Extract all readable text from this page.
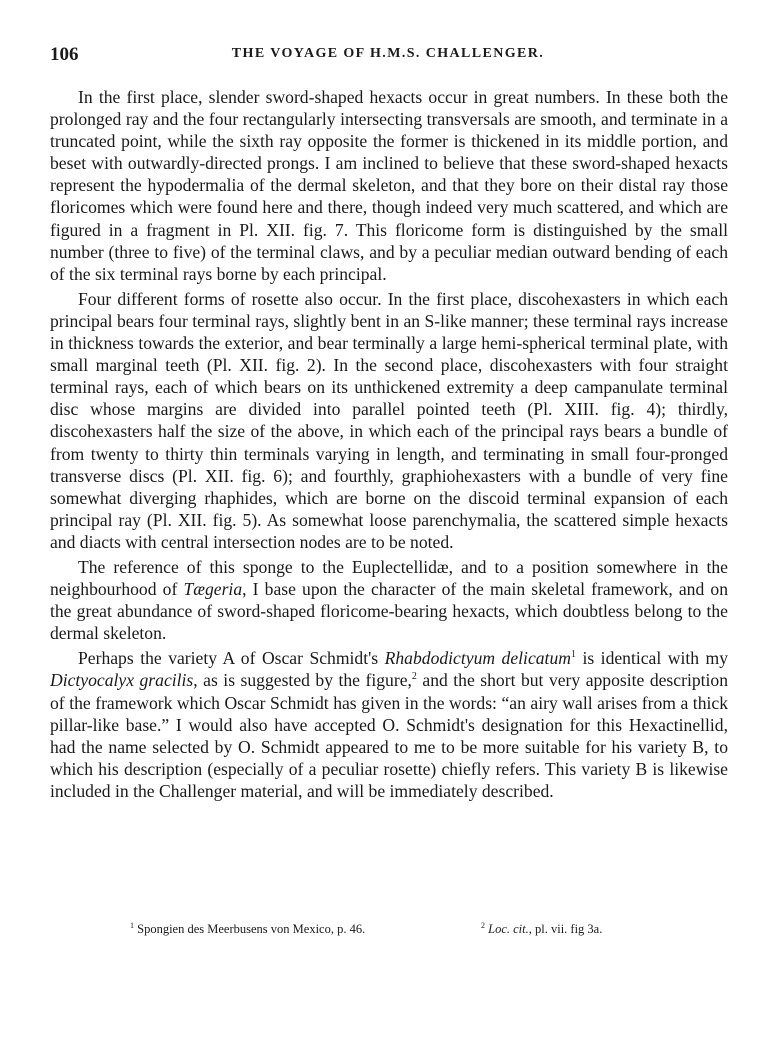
106	THE VOYAGE OF H.M.S. CHALLENGER.

In the first place, slender sword-shaped hexacts occur in great numbers. In these both the prolonged ray and the four rectangularly intersecting transversals are smooth, and terminate in a truncated point, while the sixth ray opposite the former is thickened in its middle portion, and beset with outwardly-directed prongs. I am inclined to believe that these sword-shaped hexacts represent the hypodermalia of the dermal skeleton, and that they bore on their distal ray those floricomes which were found here and there, though indeed very much scattered, and which are figured in a fragment in Pl. XII. fig. 7. This floricome form is distinguished by the small number (three to five) of the terminal claws, and by a peculiar median outward bending of each of the six terminal rays borne by each principal.

Four different forms of rosette also occur. In the first place, discohexasters in which each principal bears four terminal rays, slightly bent in an S-like manner; these terminal rays increase in thickness towards the exterior, and bear terminally a large hemi-spherical terminal plate, with small marginal teeth (Pl. XII. fig. 2). In the second place, discohexasters with four straight terminal rays, each of which bears on its unthickened extremity a deep campanulate terminal disc whose margins are divided into parallel pointed teeth (Pl. XIII. fig. 4); thirdly, discohexasters half the size of the above, in which each of the principal rays bears a bundle of from twenty to thirty thin terminals varying in length, and terminating in small four-pronged transverse discs (Pl. XII. fig. 6); and fourthly, graphiohexasters with a bundle of very fine somewhat diverging rhaphides, which are borne on the discoid terminal expansion of each principal ray (Pl. XII. fig. 5). As somewhat loose parenchymalia, the scattered simple hexacts and diacts with central intersection nodes are to be noted.

The reference of this sponge to the Euplectellidæ, and to a position somewhere in the neighbourhood of Tægeria, I base upon the character of the main skeletal framework, and on the great abundance of sword-shaped floricome-bearing hexacts, which doubtless belong to the dermal skeleton.

Perhaps the variety A of Oscar Schmidt's Rhabdodictyum delicatum$^1$ is identical with my Dictyocalyx gracilis, as is suggested by the figure,$^2$ and the short but very apposite description of the framework which Oscar Schmidt has given in the words: “an airy wall arises from a thick pillar-like base.” I would also have accepted O. Schmidt's designation for this Hexactinellid, had the name selected by O. Schmidt appeared to me to be more suitable for his variety B, to which his description (especially of a peculiar rosette) chiefly refers. This variety B is likewise included in the Challenger material, and will be immediately described.

$^1$ Spongien des Meerbusens von Mexico, p. 46.	$^2$ Loc. cit., pl. vii. fig 3a.
